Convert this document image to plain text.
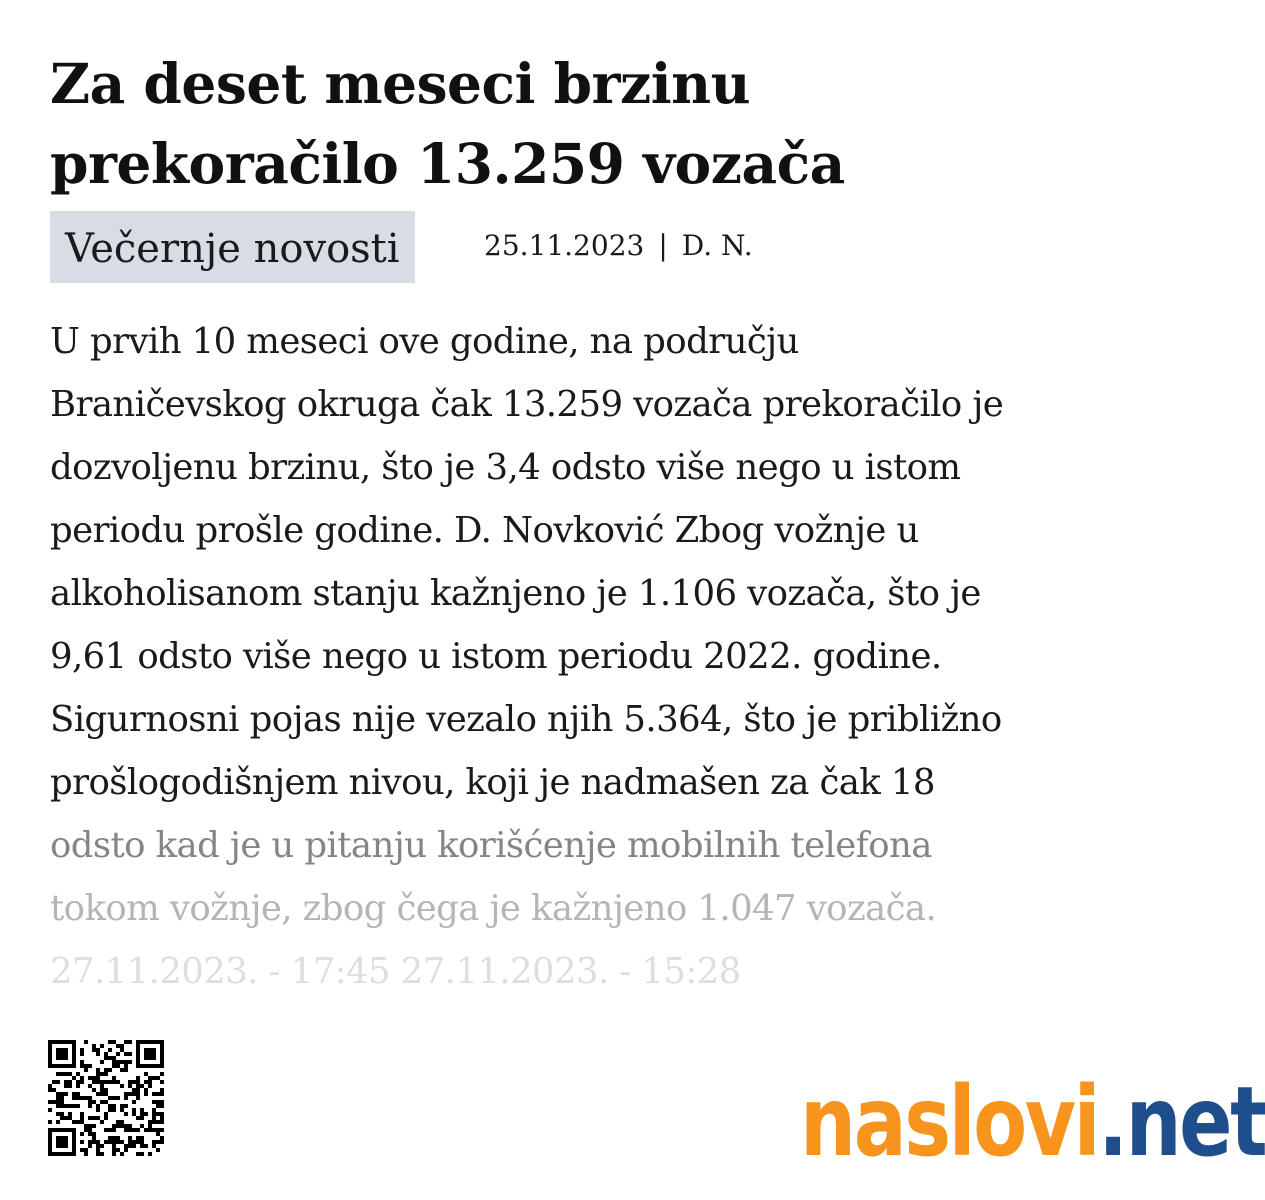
Za deset meseci brzinu
prekoračilo 13.259 vozača
Večernje novosti	25.11.2023 | D. N.
U prvih 10 meseci ove godine, na području
Braničevskog okruga čak 13.259 vozača prekoračilo je
dozvoljenu brzinu, što je 3,4 odsto više nego u istom
periodu prošle godine. D. Novković Zbog vožnje u
alkoholisanom stanju kažnjeno je 1.106 vozača, što je
9,61 odsto više nego u istom periodu 2022. godine.
Sigurnosni pojas nije vezalo njih 5.364, što je približno
prošlogodišnjem nivou, koji je nadmašen za čak 18
odsto kad je u pitanju korišćenje mobilnih telefona
tokom vožnje, zbog čega je kažnjeno 1.047 vozača.
27.11.2023. - 17:45 27.11.2023. - 15:28
naslovi .net
